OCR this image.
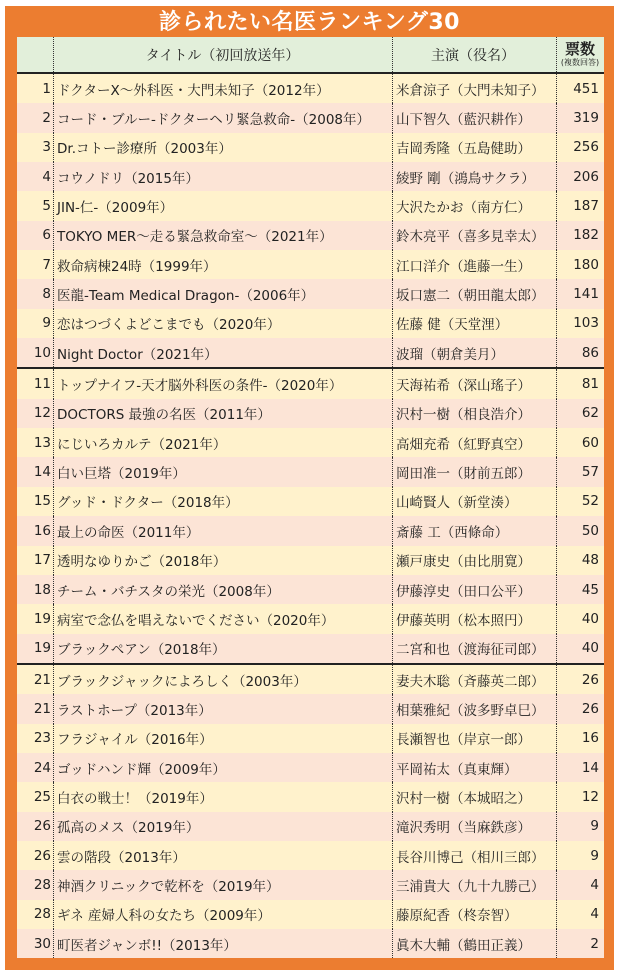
診られたい名医ランキング30
タイトル（初回放送年）	主演（役名）	票数
(複数回答)
1 ドクターX〜外科医・大門未知子（2012年）	米倉涼子（大門未知子）	451
2 コード・ブルー-ドクターヘリ緊急救命-（2008年）	山下智久（藍沢耕作）	319
3 Dr.コトー診療所（2003年）	吉岡秀隆（五島健助）	256
4 コウノドリ（2015年）	綾野 剛（鴻鳥サクラ）	206
5 JIN-仁-（2009年）	大沢たかお（南方仁）	187
6 TOKYO MER〜走る緊急救命室〜（2021年）	鈴木亮平（喜多見幸太）	182
7 救命病棟24時（1999年）	江口洋介（進藤一生）	180
8 医龍-Team Medical Dragon-（2006年）	坂口憲二（朝田龍太郎）	141
9 恋はつづくよどこまでも（2020年）	佐藤 健（天堂浬）	103
10 Night Doctor（2021年）	波瑠（朝倉美月）	86
11 トップナイフ-天才脳外科医の条件-（2020年）	天海祐希（深山瑤子）	81
12 DOCTORS 最強の名医（2011年）	沢村一樹（相良浩介）	62
13 にじいろカルテ（2021年）	高畑充希（紅野真空）	60
14 白い巨塔（2019年）	岡田准一（財前五郎）	57
15 グッド・ドクター（2018年）	山崎賢人（新堂湊）	52
16 最上の命医（2011年）	斎藤 工（西條命）	50
17 透明なゆりかご（2018年）	瀬戸康史（由比朋寛）	48
18 チーム・バチスタの栄光（2008年）	伊藤淳史（田口公平）	45
19 病室で念仏を唱えないでください（2020年）	伊藤英明（松本照円）	40
19 ブラックペアン（2018年）	二宮和也（渡海征司郎）	40
21 ブラックジャックによろしく（2003年）	妻夫木聡（斉藤英二郎）	26
21 ラストホープ（2013年）	相葉雅紀（波多野卓巳）	26
23 フラジャイル（2016年）	長瀬智也（岸京一郎）	16
24 ゴッドハンド輝（2009年）	平岡祐太（真東輝）	14
25 白衣の戦士！（2019年）	沢村一樹（本城昭之）	12
26 孤高のメス（2019年）	滝沢秀明（当麻鉄彦）	9
26 雲の階段（2013年）	長谷川博己（相川三郎）	9
28 神酒クリニックで乾杯を（2019年）	三浦貴大（九十九勝己）	4
28 ギネ 産婦人科の女たち（2009年）	藤原紀香（柊奈智）	4
30 町医者ジャンボ!!（2013年）	眞木大輔（鶴田正義）	2
